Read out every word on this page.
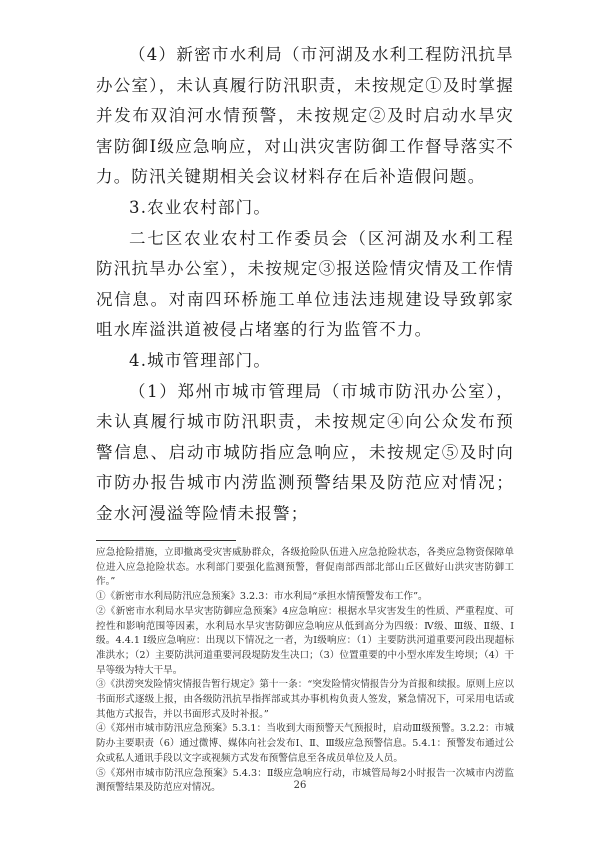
（4）新密市水利局（市河湖及水利工程防汛抗旱办公室），未认真履行防汛职责，未按规定①及时掌握并发布双洎河水情预警，未按规定②及时启动水旱灾害防御Ⅰ级应急响应，对山洪灾害防御工作督导落实不力。防汛关键期相关会议材料存在后补造假问题。

3.农业农村部门。

二七区农业农村工作委员会（区河湖及水利工程防汛抗旱办公室），未按规定③报送险情灾情及工作情况信息。对南四环桥施工单位违法违规建设导致郭家咀水库溢洪道被侵占堵塞的行为监管不力。

4.城市管理部门。

（1）郑州市城市管理局（市城市防汛办公室），未认真履行城市防汛职责，未按规定④向公众发布预警信息、启动市城防指应急响应，未按规定⑤及时向市防办报告城市内涝监测预警结果及防范应对情况；金水河漫溢等险情未报警；

应急抢险措施，立即撤离受灾害威胁群众，各级抢险队伍进入应急抢险状态，各类应急物资保障单位进入应急抢险状态。水利部门要强化监测预警，督促南部西部北部山丘区做好山洪灾害防御工作。”

①《新密市水利局防汛应急预案》3.2.3：市水利局“承担水情预警发布工作”。

②《新密市水利局水旱灾害防御应急预案》4应急响应：根据水旱灾害发生的性质、严重程度、可控性和影响范围等因素，水利局水旱灾害防御应急响应从低到高分为四级：Ⅳ级、Ⅲ级、Ⅱ级、Ⅰ级。4.4.1 Ⅰ级应急响应：出现以下情况之一者，为Ⅰ级响应：（1）主要防洪河道重要河段出现超标准洪水；（2）主要防洪河道重要河段堤防发生决口；（3）位置重要的中小型水库发生垮坝；（4）干旱等级为特大干旱。

③《洪涝突发险情灾情报告暂行规定》第十一条：“突发险情灾情报告分为首报和续报。原则上应以书面形式逐级上报，由各级防汛抗旱指挥部或其办事机构负责人签发，紧急情况下，可采用电话或其他方式报告，并以书面形式及时补报。”

④《郑州市城市防汛应急预案》5.3.1：当收到大雨预警天气预报时，启动Ⅲ级预警。3.2.2：市城防办主要职责（6）通过微博、媒体向社会发布Ⅰ、Ⅱ、Ⅲ级应急预警信息。5.4.1：预警发布通过公众或私人通讯手段以文字或视频方式发布预警信息至各成员单位及人员。

⑤《郑州市城市防汛应急预案》5.4.3：Ⅱ级应急响应行动，市城管局每2小时报告一次城市内涝监测预警结果及防范应对情况。	26
